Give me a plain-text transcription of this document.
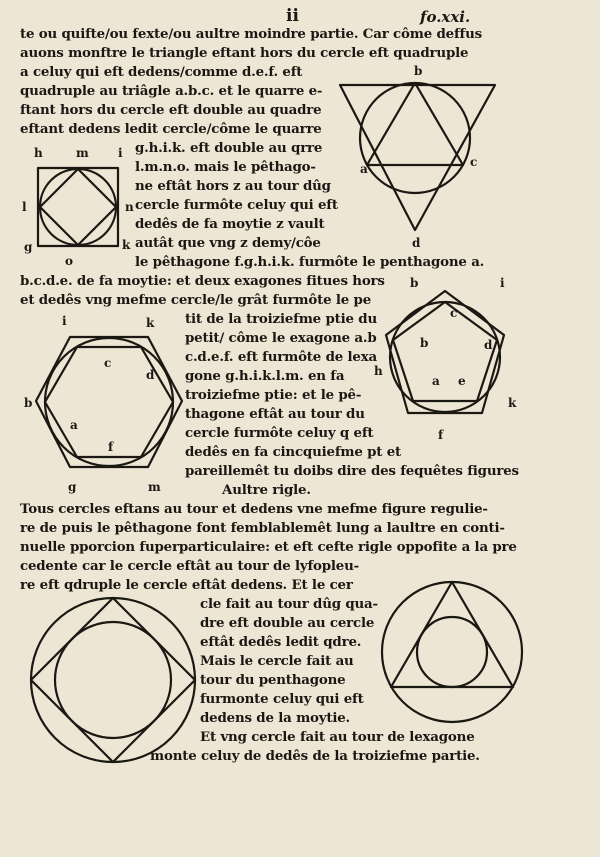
ii	fo.xxi.
te ou quifte/ou fexte/ou aultre moindre partie. Car côme deffus
auons monftre le triangle eftant hors du cercle eft quadruple
a celuy qui eft dedens/comme d.e.f. eft
quadruple au triâgle a.b.c. et le quarre e-
ftant hors du cercle eft double au quadre
eftant dedens ledit cercle/côme le quarre
g.h.i.k. eft double au qrre
l.m.n.o. mais le pêthago-
ne eftât hors z au tour dûg
cercle furmôte celuy qui eft
dedês de fa moytie z vault
autât que vng z demy/côe
le pêthagone f.g.h.i.k. furmôte le penthagone a.
b.c.d.e. de fa moytie: et deux exagones fitues hors
et dedês vng mefme cercle/le grât furmôte le pe
tit de la troiziefme ptie du
petit/ côme le exagone a.b
c.d.e.f. eft furmôte de lexa
gone g.h.i.k.l.m. en fa
troiziefme ptie: et le pê-
thagone eftât au tour du
cercle furmôte celuy q eft
dedês en fa cincquiefme pt et
pareillemêt tu doibs dire des fequêtes figures
Aultre rigle.
Tous cercles eftans au tour et dedens vne mefme figure regulie-
re de puis le pêthagone font femblablemêt lung a laultre en conti-
nuelle pporcion fuperparticulaire: et eft cefte rigle oppofite a la pre
cedente car le cercle eftât au tour de lyfopleu-
re eft qdruple le cercle eftât dedens. Et le cer
cle fait au tour dûg qua-
dre eft double au cercle
eftât dedês ledit qdre.
Mais le cercle fait au
tour du penthagone
furmonte celuy qui eft
dedens de la moytie.
Et vng cercle fait au tour de lexagone
monte celuy de dedês de la troiziefme partie.
b
a	c
d
h	m i
l	n
g	k
o
i	k
c
d
b
a
f
g	m
b	i
c
b	d
a e
h
k
f
